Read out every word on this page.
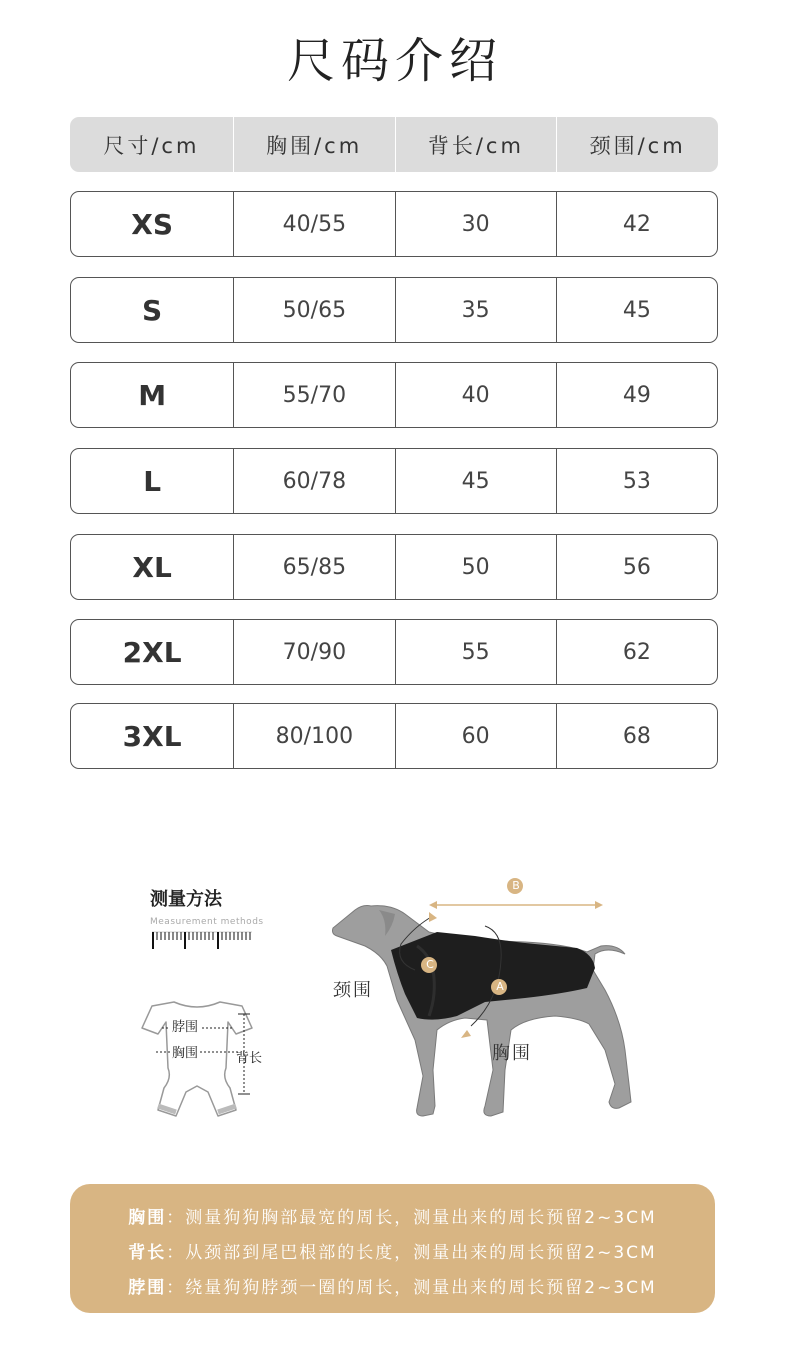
尺码介绍
尺寸/cm	胸围/cm	背长/cm	颈围/cm
XS	40/55	30	42
S	50/65	35	45
M	55/70	40	49
L	60/78	45	53
XL	65/85	50	56
2XL	70/90	55	62
3XL	80/100	60	68
测量方法
Measurement methods
脖围
胸围	背长
B
C
A
颈围
胸围
胸围：测量狗狗胸部最宽的周长，测量出来的周长预留2~3CM
背长：从颈部到尾巴根部的长度，测量出来的周长预留2~3CM
脖围：绕量狗狗脖颈一圈的周长，测量出来的周长预留2~3CM
